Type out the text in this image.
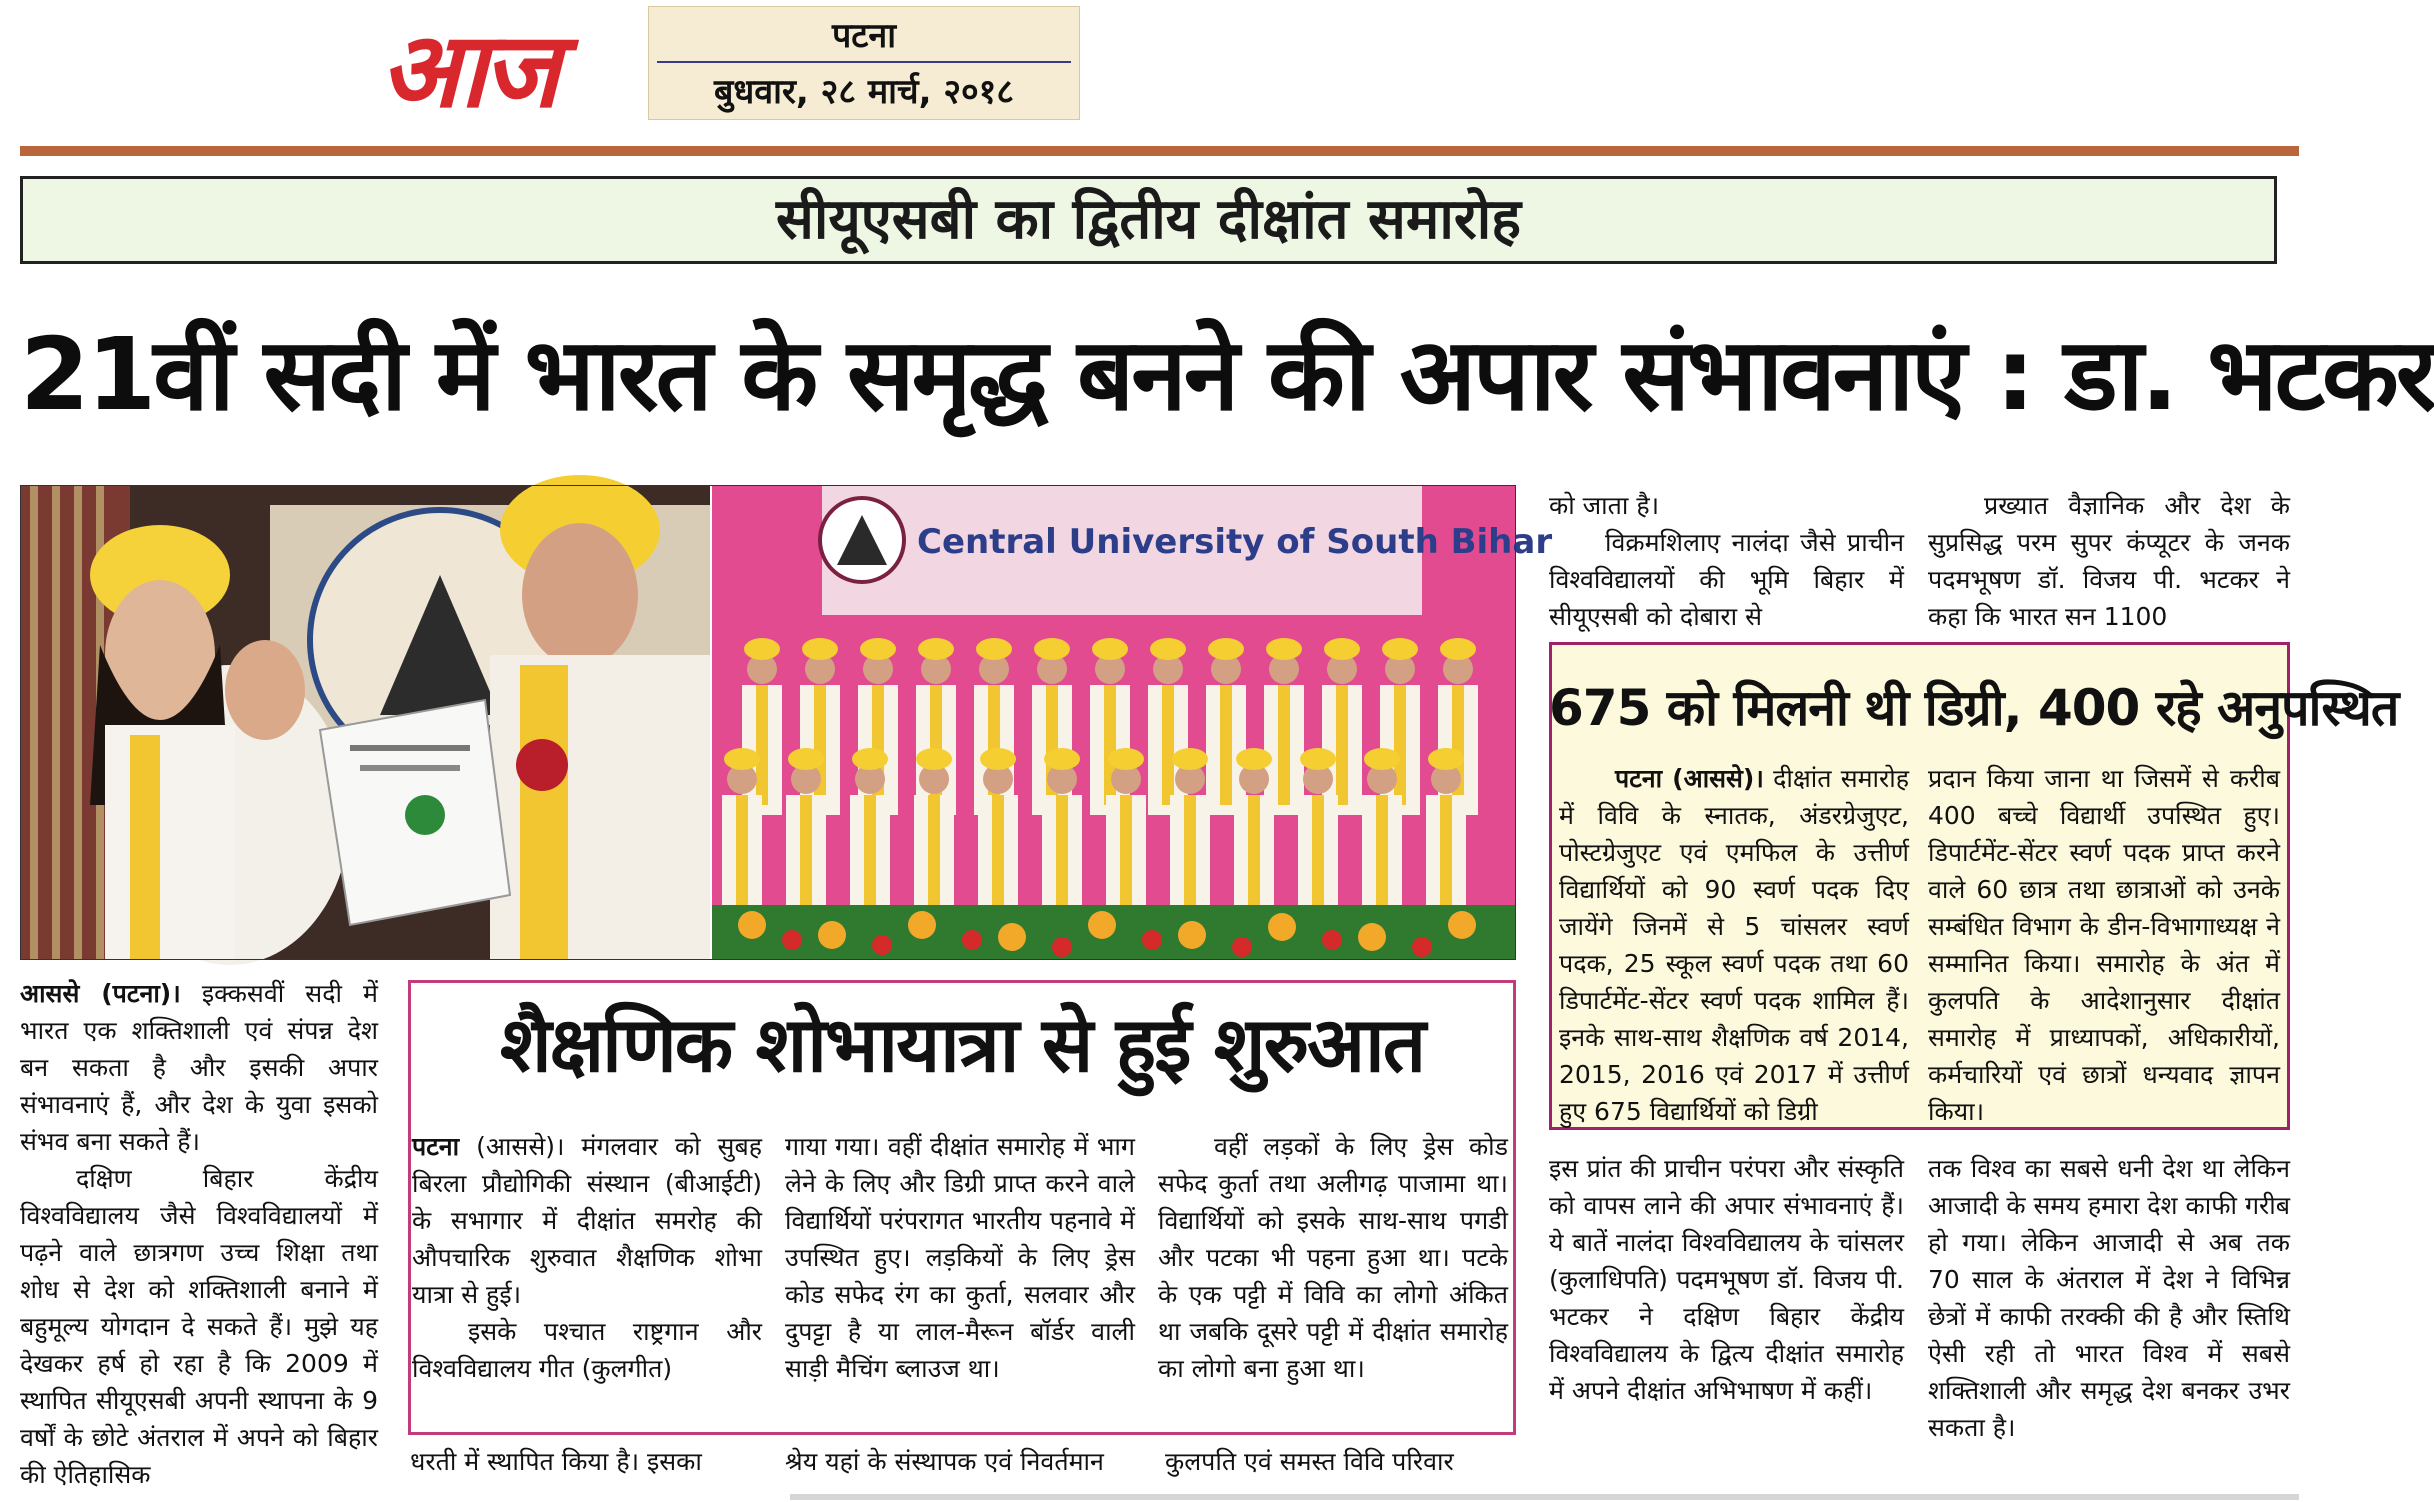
आज	पटना
बुधवार, २८ मार्च, २०१८
सीयूएसबी का द्वितीय दीक्षांत समारोह
21वीं सदी में भारत के समृद्ध बनने की अपार संभावनाएं : डा. भटकर
Central University of South Bihar

आससे (पटना)। इक्कसवीं सदी में भारत एक शक्तिशाली एवं संपन्न देश बन सकता है और इसकी अपार संभावनाएं हैं, और देश के युवा इसको संभव बना सकते हैं।

दक्षिण बिहार केंद्रीय विश्वविद्यालय जैसे विश्वविद्यालयों में पढ़ने वाले छात्रगण उच्च शिक्षा तथा शोध से देश को शक्तिशाली बनाने में बहुमूल्य योगदान दे सकते हैं। मुझे यह देखकर हर्ष हो रहा है कि 2009 में स्थापित सीयूएसबी अपनी स्थापना के 9 वर्षों के छोटे अंतराल में अपने को बिहार की ऐतिहासिक

शैक्षणिक शोभायात्रा से हुई शुरुआत

पटना (आससे)। मंगलवार को सुबह बिरला प्रौद्योगिकी संस्थान (बीआईटी) के सभागार में दीक्षांत समरोह की औपचारिक शुरुवात शैक्षणिक शोभा यात्रा से हुई।

इसके पश्चात राष्ट्रगान और विश्वविद्यालय गीत (कुलगीत)

गाया गया। वहीं दीक्षांत समारोह में भाग लेने के लिए और डिग्री प्राप्त करने वाले विद्यार्थियों परंपरागत भारतीय पहनावे में उपस्थित हुए। लड़कियों के लिए ड्रेस कोड सफेद रंग का कुर्ता, सलवार और दुपट्टा है या लाल-मैरून बॉर्डर वाली साड़ी मैचिंग ब्लाउज था।

वहीं लड़कों के लिए ड्रेस कोड सफेद कुर्ता तथा अलीगढ़ पाजामा था। विद्यार्थियों को इसके साथ-साथ पगडी और पटका भी पहना हुआ था। पटके के एक पट्टी में विवि का लोगो अंकित था जबकि दूसरे पट्टी में दीक्षांत समारोह का लोगो बना हुआ था।

धरती में स्थापित किया है। इसका	श्रेय यहां के संस्थापक एवं निवर्तमान कुलपति एवं समस्त विवि परिवार

को जाता है।

विक्रमशिलाए नालंदा जैसे प्राचीन विश्वविद्यालयों की भूमि बिहार में सीयूएसबी को दोबारा से

प्रख्यात वैज्ञानिक और देश के सुप्रसिद्ध परम सुपर कंप्यूटर के जनक पदमभूषण डॉ. विजय पी. भटकर ने कहा कि भारत सन 1100

675 को मिलनी थी डिग्री, 400 रहे अनुपस्थित

पटना (आससे)। दीक्षांत समारोह में विवि के स्नातक, अंडरग्रेजुएट, पोस्टग्रेजुएट एवं एमफिल के उत्तीर्ण विद्यार्थियों को 90 स्वर्ण पदक दिए जायेंगे जिनमें से 5 चांसलर स्वर्ण पदक, 25 स्कूल स्वर्ण पदक तथा 60 डिपार्टमेंट-सेंटर स्वर्ण पदक शामिल हैं। इनके साथ-साथ शैक्षणिक वर्ष 2014, 2015, 2016 एवं 2017 में उत्तीर्ण हुए 675 विद्यार्थियों को डिग्री

प्रदान किया जाना था जिसमें से करीब 400 बच्चे विद्यार्थी उपस्थित हुए। डिपार्टमेंट-सेंटर स्वर्ण पदक प्राप्त करने वाले 60 छात्र तथा छात्राओं को उनके सम्बंधित विभाग के डीन-विभागाध्यक्ष ने सम्मानित किया। समारोह के अंत में कुलपति के आदेशानुसार दीक्षांत समारोह में प्राध्यापकों, अधिकारीयों, कर्मचारियों एवं छात्रों धन्यवाद ज्ञापन किया।

इस प्रांत की प्राचीन परंपरा और संस्कृति को वापस लाने की अपार संभावनाएं हैं। ये बातें नालंदा विश्वविद्यालय के चांसलर (कुलाधिपति) पदमभूषण डॉ. विजय पी. भटकर ने दक्षिण बिहार केंद्रीय विश्वविद्यालय के द्वित्य दीक्षांत समारोह में अपने दीक्षांत अभिभाषण में कहीं।

तक विश्व का सबसे धनी देश था लेकिन आजादी के समय हमारा देश काफी गरीब हो गया। लेकिन आजादी से अब तक 70 साल के अंतराल में देश ने विभिन्न छेत्रों में काफी तरक्की की है और स्तिथि ऐसी रही तो भारत विश्व में सबसे शक्तिशाली और समृद्ध देश बनकर उभर सकता है।
